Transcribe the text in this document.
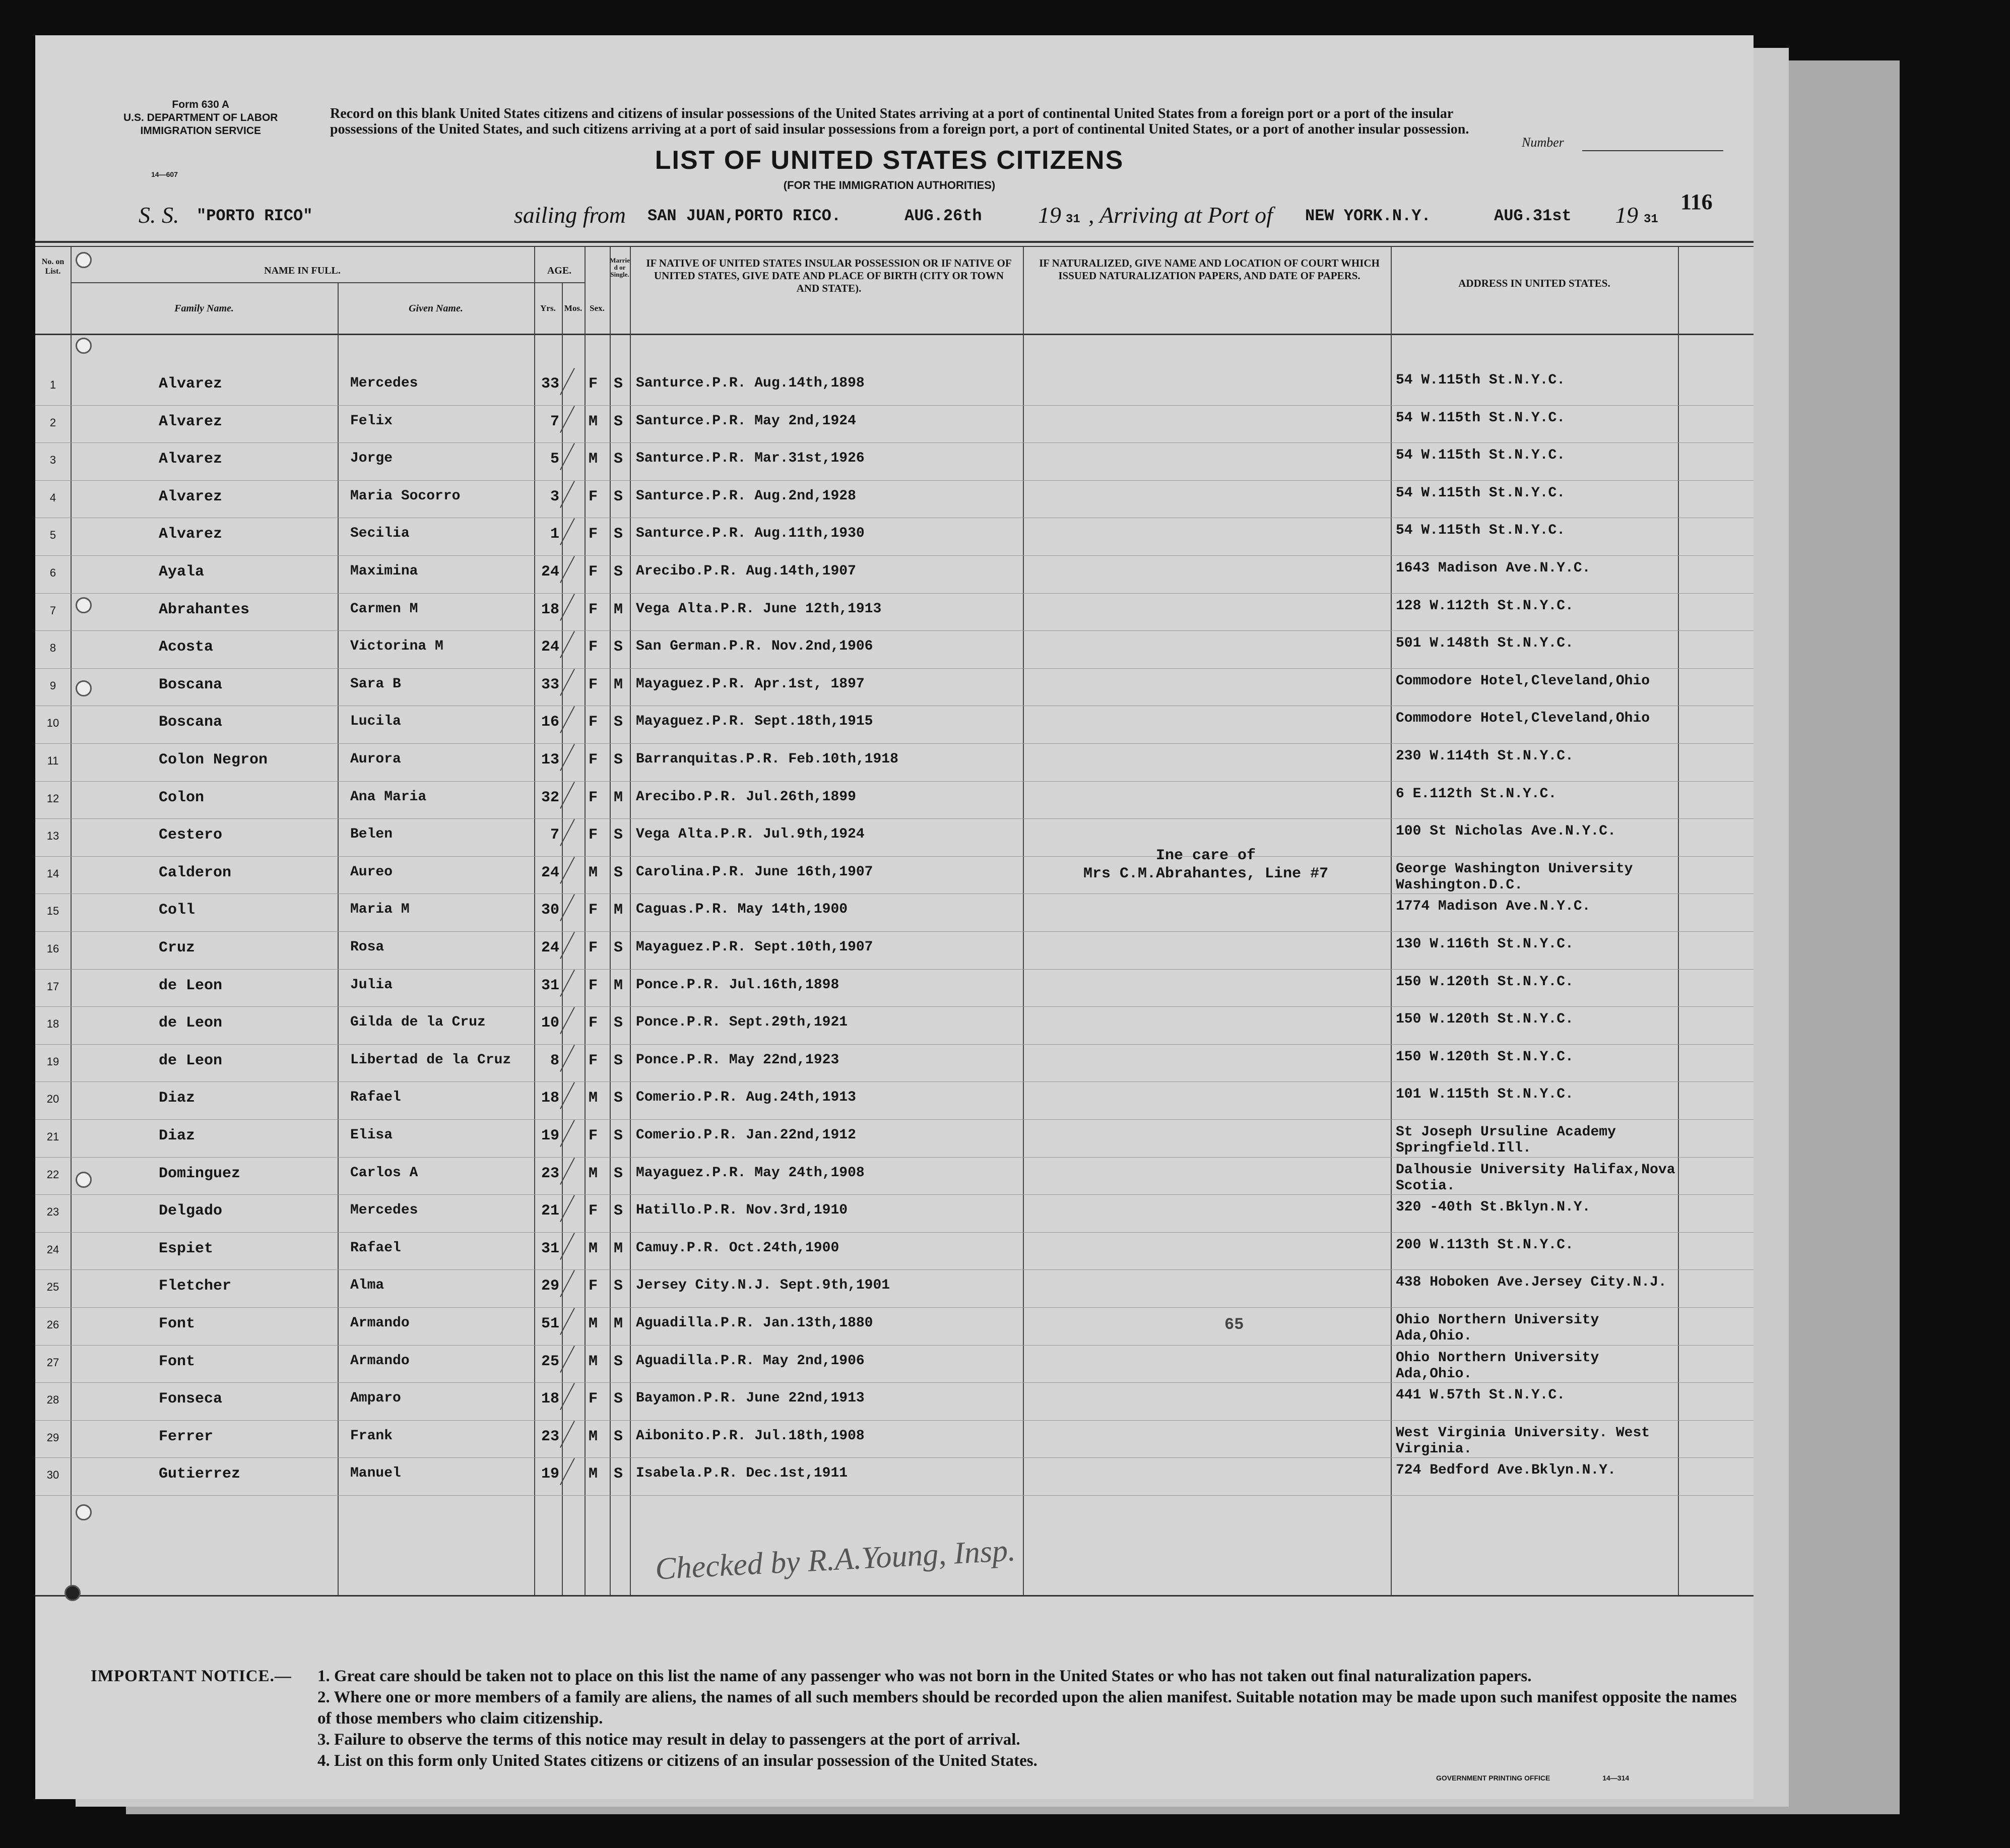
Form 630 A
U.S. DEPARTMENT OF LABOR
IMMIGRATION SERVICE
14—607
Record on this blank United States citizens and citizens of insular possessions of the United States arriving at a port of continental United States from a foreign port or a port of the insular possessions of the United States, and such citizens arriving at a port of said insular possessions from a foreign port, a port of continental United States, or a port of another insular possession.
LIST OF UNITED STATES CITIZENS
(FOR THE IMMIGRATION AUTHORITIES)
Number
116
S. S. "PORTO RICO"	sailing from SAN JUAN,PORTO RICO.	AUG.26th 19 31 , Arriving at Port of NEW YORK.N.Y.	AUG.31st 19 31
No. on List.	NAME IN FULL.
Family Name.	Given Name.
AGE.
Yrs. Mos. Sex.
Married or Single.
IF NATIVE OF UNITED STATES INSULAR POSSESSION OR IF NATIVE OF UNITED STATES, GIVE DATE AND PLACE OF BIRTH (CITY OR TOWN AND STATE).
IF NATURALIZED, GIVE NAME AND LOCATION OF COURT WHICH ISSUED NATURALIZATION PAPERS, AND DATE OF PAPERS.
ADDRESS IN UNITED STATES.
1	Alvarez	Mercedes	33 F S Santurce.P.R. Aug.14th,1898	54 W.115th St.N.Y.C.
2	Alvarez	Felix	7 M S Santurce.P.R. May 2nd,1924	54 W.115th St.N.Y.C.
3	Alvarez	Jorge	5 M S Santurce.P.R. Mar.31st,1926	54 W.115th St.N.Y.C.
4	Alvarez	Maria Socorro	3 F S Santurce.P.R. Aug.2nd,1928	54 W.115th St.N.Y.C.
5	Alvarez	Secilia	1 F S Santurce.P.R. Aug.11th,1930	54 W.115th St.N.Y.C.
6	Ayala	Maximina	24 F S Arecibo.P.R. Aug.14th,1907	1643 Madison Ave.N.Y.C.
7	Abrahantes	Carmen M	18 F M Vega Alta.P.R. June 12th,1913	128 W.112th St.N.Y.C.
8	Acosta	Victorina M	24 F S San German.P.R. Nov.2nd,1906	501 W.148th St.N.Y.C.
9	Boscana	Sara B	33 F M Mayaguez.P.R. Apr.1st, 1897	Commodore Hotel,Cleveland,Ohio
10	Boscana	Lucila	16 F S Mayaguez.P.R. Sept.18th,1915	Commodore Hotel,Cleveland,Ohio
11	Colon Negron	Aurora	13 F S Barranquitas.P.R. Feb.10th,1918	230 W.114th St.N.Y.C.
12	Colon	Ana Maria	32 F M Arecibo.P.R. Jul.26th,1899	6 E.112th St.N.Y.C.
13	Cestero	Belen	7 F S Vega Alta.P.R. Jul.9th,1924	100 St Nicholas Ave.N.Y.C.
14	Calderon	Aureo	24 M S Carolina.P.R. June 16th,1907	George Washington University Washington.D.C.
15	Coll	Maria M	30 F M Caguas.P.R. May 14th,1900	1774 Madison Ave.N.Y.C.
16	Cruz	Rosa	24 F S Mayaguez.P.R. Sept.10th,1907	130 W.116th St.N.Y.C.
17	de Leon	Julia	31 F M Ponce.P.R. Jul.16th,1898	150 W.120th St.N.Y.C.
18	de Leon	Gilda de la Cruz	10 F S Ponce.P.R. Sept.29th,1921	150 W.120th St.N.Y.C.
19	de Leon	Libertad de la Cruz	8 F S Ponce.P.R. May 22nd,1923	150 W.120th St.N.Y.C.
20	Diaz	Rafael	18 M S Comerio.P.R. Aug.24th,1913	101 W.115th St.N.Y.C.
21	Diaz	Elisa	19 F S Comerio.P.R. Jan.22nd,1912	St Joseph Ursuline Academy Springfield.Ill.
22	Dominguez	Carlos A	23 M S Mayaguez.P.R. May 24th,1908	Dalhousie University Halifax,Nova Scotia.
23	Delgado	Mercedes	21 F S Hatillo.P.R. Nov.3rd,1910	320 -40th St.Bklyn.N.Y.
24	Espiet	Rafael	31 M M Camuy.P.R. Oct.24th,1900	200 W.113th St.N.Y.C.
25	Fletcher	Alma	29 F S Jersey City.N.J. Sept.9th,1901	438 Hoboken Ave.Jersey City.N.J.
26	Font	Armando	51 M M Aguadilla.P.R. Jan.13th,1880	Ohio Northern University Ada,Ohio.
27	Font	Armando	25 M S Aguadilla.P.R. May 2nd,1906	Ohio Northern University Ada,Ohio.
28	Fonseca	Amparo	18 F S Bayamon.P.R. June 22nd,1913	441 W.57th St.N.Y.C.
29	Ferrer	Frank	23 M S Aibonito.P.R. Jul.18th,1908	West Virginia University. West Virginia.
30	Gutierrez	Manuel	19 M S Isabela.P.R. Dec.1st,1911	724 Bedford Ave.Bklyn.N.Y.
Ine care of
Mrs C.M.Abrahantes, Line #7
65
Checked by R.A.Young, Insp.
IMPORTANT NOTICE.—	1. Great care should be taken not to place on this list the name of any passenger who was not born in the United States or who has not taken out final naturalization papers.
2. Where one or more members of a family are aliens, the names of all such members should be recorded upon the alien manifest. Suitable notation may be made upon such manifest opposite the names of those members who claim citizenship.
3. Failure to observe the terms of this notice may result in delay to passengers at the port of arrival.
4. List on this form only United States citizens or citizens of an insular possession of the United States.
GOVERNMENT PRINTING OFFICE	14—314
